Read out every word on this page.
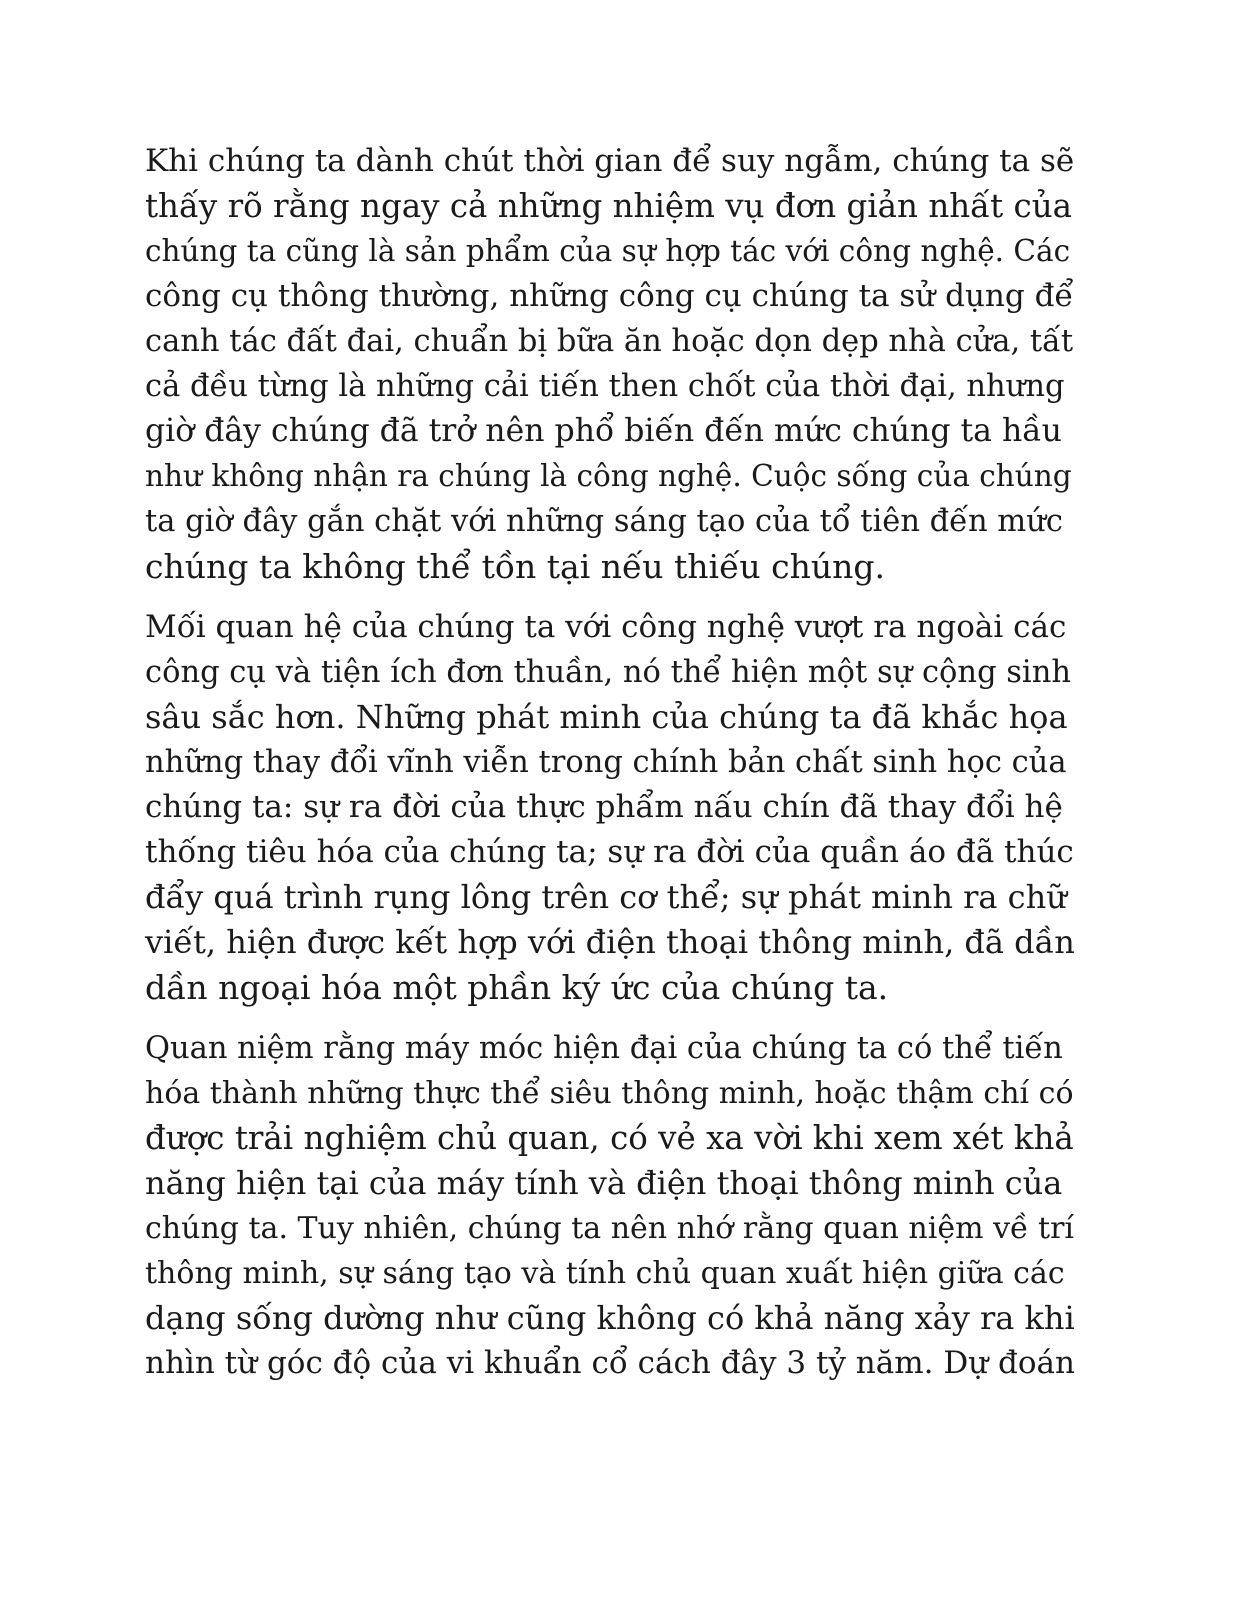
Khi chúng ta dành chút thời gian để suy ngẫm, chúng ta sẽ
thấy rõ rằng ngay cả những nhiệm vụ đơn giản nhất của
chúng ta cũng là sản phẩm của sự hợp tác với công nghệ. Các
công cụ thông thường, những công cụ chúng ta sử dụng để
canh tác đất đai, chuẩn bị bữa ăn hoặc dọn dẹp nhà cửa, tất
cả đều từng là những cải tiến then chốt của thời đại, nhưng
giờ đây chúng đã trở nên phổ biến đến mức chúng ta hầu
như không nhận ra chúng là công nghệ. Cuộc sống của chúng
ta giờ đây gắn chặt với những sáng tạo của tổ tiên đến mức
chúng ta không thể tồn tại nếu thiếu chúng.

Mối quan hệ của chúng ta với công nghệ vượt ra ngoài các
công cụ và tiện ích đơn thuần, nó thể hiện một sự cộng sinh
sâu sắc hơn. Những phát minh của chúng ta đã khắc họa
những thay đổi vĩnh viễn trong chính bản chất sinh học của
chúng ta: sự ra đời của thực phẩm nấu chín đã thay đổi hệ
thống tiêu hóa của chúng ta; sự ra đời của quần áo đã thúc
đẩy quá trình rụng lông trên cơ thể; sự phát minh ra chữ
viết, hiện được kết hợp với điện thoại thông minh, đã dần
dần ngoại hóa một phần ký ức của chúng ta.

Quan niệm rằng máy móc hiện đại của chúng ta có thể tiến
hóa thành những thực thể siêu thông minh, hoặc thậm chí có
được trải nghiệm chủ quan, có vẻ xa vời khi xem xét khả
năng hiện tại của máy tính và điện thoại thông minh của
chúng ta. Tuy nhiên, chúng ta nên nhớ rằng quan niệm về trí
thông minh, sự sáng tạo và tính chủ quan xuất hiện giữa các
dạng sống dường như cũng không có khả năng xảy ra khi
nhìn từ góc độ của vi khuẩn cổ cách đây 3 tỷ năm. Dự đoán
